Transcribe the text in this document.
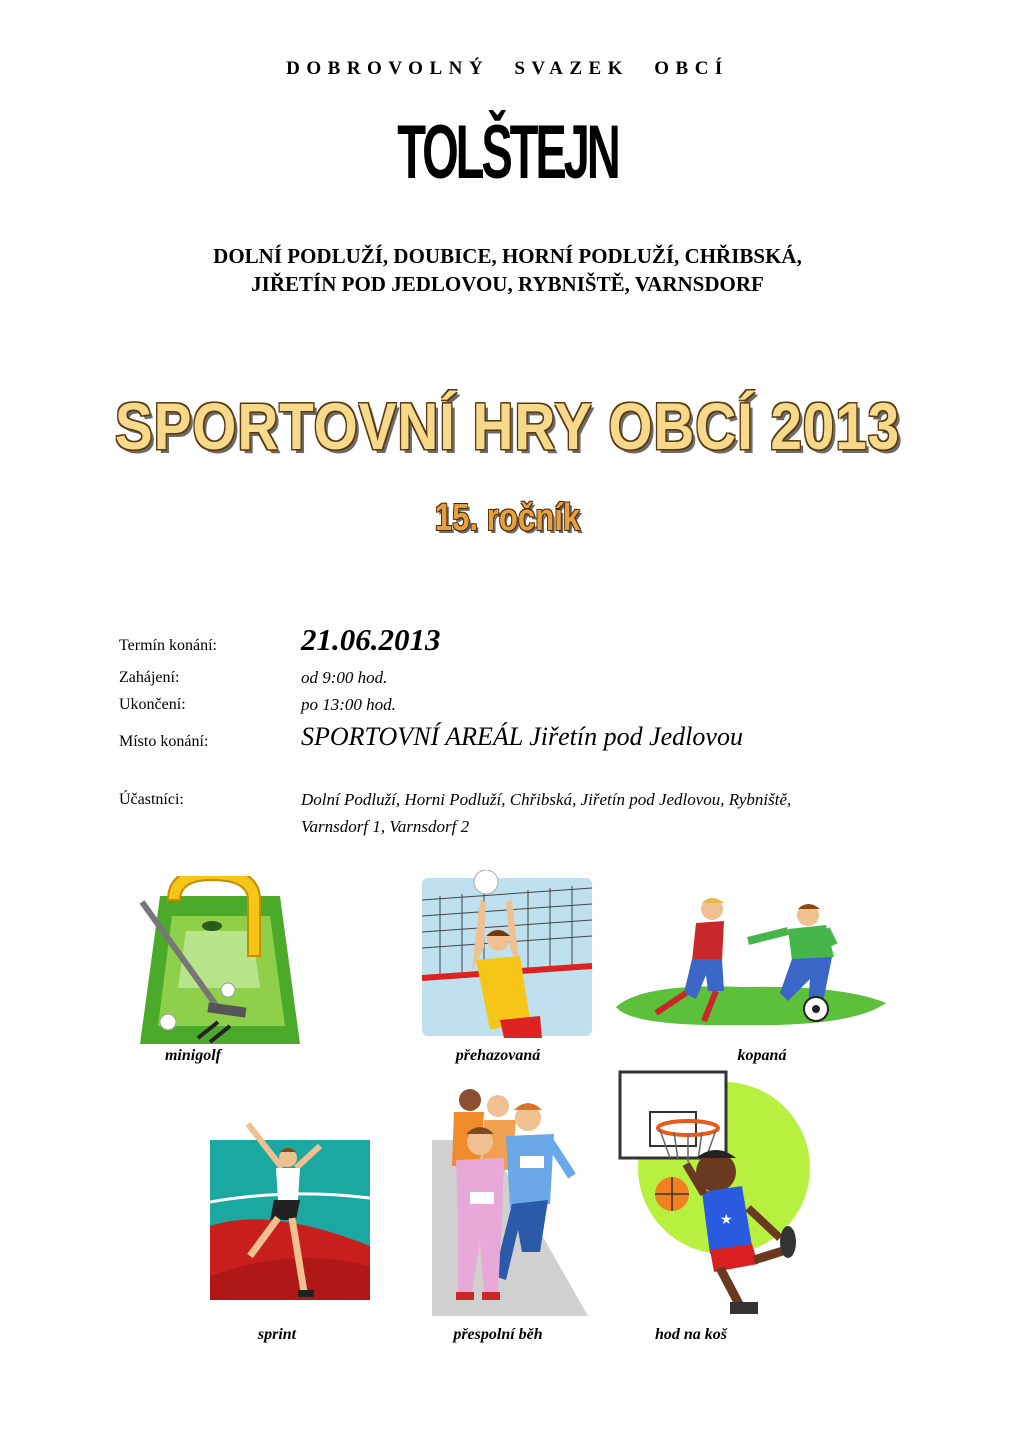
DOBROVOLNÝ SVAZEK OBCÍ
TOLŠTEJN
DOLNÍ PODLUŽÍ, DOUBICE, HORNÍ PODLUŽÍ, CHŘIBSKÁ,
JIŘETÍN POD JEDLOVOU, RYBNIŠTĚ, VARNSDORF
SPORTOVNÍ HRY OBCÍ 2013
15. ročník
Termín konání:	21.06.2013
Zahájení:	od 9:00 hod.
Ukončení:	po 13:00 hod.
Místo konání:	SPORTOVNÍ AREÁL Jiřetín pod Jedlovou
Účastníci:	Dolní Podluží, Horni Podluží, Chřibská, Jiřetín pod Jedlovou, Rybniště,
Varnsdorf 1, Varnsdorf 2
minigolf	přehazovaná	kopaná
sprint	přespolní běh
★
hod na koš
